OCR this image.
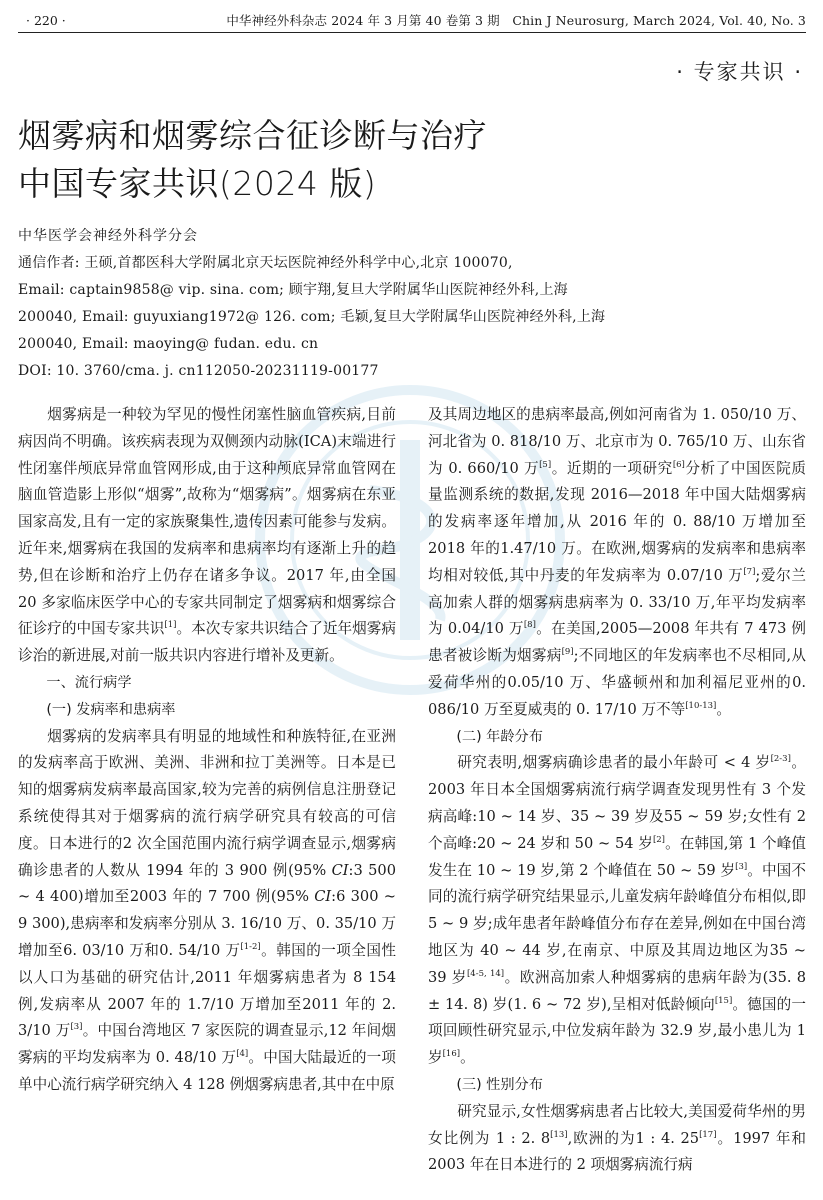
· 220 ·	中华神经外科杂志 2024 年 3 月第 40 卷第 3 期　Chin J Neurosurg, March 2024, Vol. 40, No. 3
· 专家共识 ·
烟雾病和烟雾综合征诊断与治疗
中国专家共识(2024 版)
中华医学会神经外科学分会
通信作者: 王硕,首都医科大学附属北京天坛医院神经外科学中心,北京 100070,
Email: captain9858@ vip. sina. com; 顾宇翔,复旦大学附属华山医院神经外科,上海
200040, Email: guyuxiang1972@ 126. com; 毛颖,复旦大学附属华山医院神经外科,上海
200040, Email: maoying@ fudan. edu. cn
DOI: 10. 3760/cma. j. cn112050-20231119-00177

烟雾病是一种较为罕见的慢性闭塞性脑血管疾病,目前病因尚不明确。该疾病表现为双侧颈内动脉(ICA)末端进行性闭塞伴颅底异常血管网形成,由于这种颅底异常血管网在脑血管造影上形似“烟雾”,故称为“烟雾病”。烟雾病在东亚国家高发,且有一定的家族聚集性,遗传因素可能参与发病。近年来,烟雾病在我国的发病率和患病率均有逐渐上升的趋势,但在诊断和治疗上仍存在诸多争议。2017 年,由全国 20 多家临床医学中心的专家共同制定了烟雾病和烟雾综合征诊疗的中国专家共识[1]。本次专家共识结合了近年烟雾病诊治的新进展,对前一版共识内容进行增补及更新。

一、流行病学
(一) 发病率和患病率

烟雾病的发病率具有明显的地域性和种族特征,在亚洲的发病率高于欧洲、美洲、非洲和拉丁美洲等。日本是已知的烟雾病发病率最高国家,较为完善的病例信息注册登记系统使得其对于烟雾病的流行病学研究具有较高的可信度。日本进行的2 次全国范围内流行病学调查显示,烟雾病确诊患者的人数从 1994 年的 3 900 例(95% CI:3 500 ~ 4 400)增加至2003 年的 7 700 例(95% CI:6 300 ~ 9 300),患病率和发病率分别从 3. 16/10 万、0. 35/10 万增加至6. 03/10 万和0. 54/10 万[1-2]。韩国的一项全国性以人口为基础的研究估计,2011 年烟雾病患者为 8 154 例,发病率从 2007 年的 1.7/10 万增加至2011 年的 2. 3/10 万[3]。中国台湾地区 7 家医院的调查显示,12 年间烟雾病的平均发病率为 0. 48/10 万[4]。中国大陆最近的一项单中心流行病学研究纳入 4 128 例烟雾病患者,其中在中原

及其周边地区的患病率最高,例如河南省为 1. 050/10 万、河北省为 0. 818/10 万、北京市为 0. 765/10 万、山东省为 0. 660/10 万[5]。近期的一项研究[6]分析了中国医院质量监测系统的数据,发现 2016—2018 年中国大陆烟雾病的发病率逐年增加,从 2016 年的 0. 88/10 万增加至 2018 年的1.47/10 万。在欧洲,烟雾病的发病率和患病率均相对较低,其中丹麦的年发病率为 0.07/10 万[7];爱尔兰高加索人群的烟雾病患病率为 0. 33/10 万,年平均发病率为 0.04/10 万[8]。在美国,2005—2008 年共有 7 473 例患者被诊断为烟雾病[9];不同地区的年发病率也不尽相同,从爱荷华州的0.05/10 万、华盛顿州和加利福尼亚州的0. 086/10 万至夏威夷的 0. 17/10 万不等[10-13]。

(二) 年龄分布

研究表明,烟雾病确诊患者的最小年龄可 < 4 岁[2-3]。2003 年日本全国烟雾病流行病学调查发现男性有 3 个发病高峰:10 ~ 14 岁、35 ~ 39 岁及55 ~ 59 岁;女性有 2 个高峰:20 ~ 24 岁和 50 ~ 54 岁[2]。在韩国,第 1 个峰值发生在 10 ~ 19 岁,第 2 个峰值在 50 ~ 59 岁[3]。中国不同的流行病学研究结果显示,儿童发病年龄峰值分布相似,即 5 ~ 9 岁;成年患者年龄峰值分布存在差异,例如在中国台湾地区为 40 ~ 44 岁,在南京、中原及其周边地区为35 ~ 39 岁[4-5, 14]。欧洲高加索人种烟雾病的患病年龄为(35. 8 ± 14. 8) 岁(1. 6 ~ 72 岁),呈相对低龄倾向[15]。德国的一项回顾性研究显示,中位发病年龄为 32.9 岁,最小患儿为 1 岁[16]。

(三) 性别分布

研究显示,女性烟雾病患者占比较大,美国爱荷华州的男女比例为 1 : 2. 8[13],欧洲的为1 : 4. 25[17]。1997 年和2003 年在日本进行的 2 项烟雾病流行病
